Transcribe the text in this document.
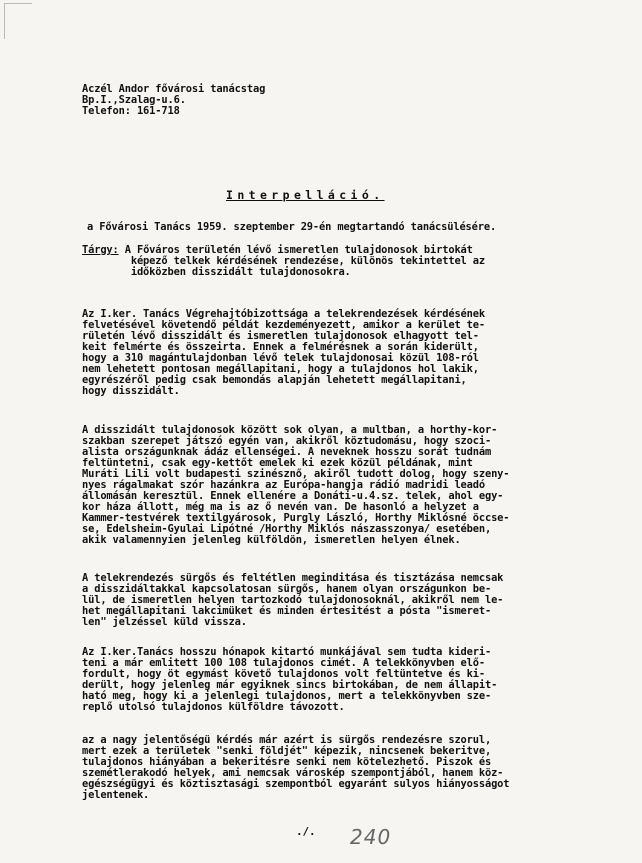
Aczél Andor fővárosi tanácstag
Bp.I.,Szalag-u.6.
Telefon: 161-718
Interpelláció.
a Fővárosi Tanács 1959. szeptember 29-én megtartandó tanácsülésére.
Tárgy: A Főváros területén lévő ismeretlen tulajdonosok birtokát
képező telkek kérdésének rendezése, különös tekintettel az
időközben disszidált tulajdonosokra.
Az I.ker. Tanács Végrehajtóbizottsága a telekrendezések kérdésének
felvetésével követendő példát kezdeményezett, amikor a kerület te-
rületén lévő disszidált és ismeretlen tulajdonosok elhagyott tel-
keit felmérte és összeirta. Ennek a felmérésnek a során kiderült,
hogy a 310 magántulajdonban lévő telek tulajdonosai közül 108-ról
nem lehetett pontosan megállapitani, hogy a tulajdonos hol lakik,
egyrészéről pedig csak bemondás alapján lehetett megállapitani,
hogy disszidált.
A disszidált tulajdonosok között sok olyan, a multban, a horthy-kor-
szakban szerepet játszó egyén van, akikről köztudomásu, hogy szoci-
alista országunknak ádáz ellenségei. A neveknek hosszu sorát tudnám
feltüntetni, csak egy-kettőt emelek ki ezek közül példának, mint
Muráti Lili volt budapesti szinésznő, akiről tudott dolog, hogy szeny-
nyes rágalmakat szór hazánkra az Európa-hangja rádió madridi leadó
állomásán keresztül. Ennek ellenére a Donáti-u.4.sz. telek, ahol egy-
kor háza állott, még ma is az ő nevén van. De hasonló a helyzet a
Kammer-testvérek textilgyárosok, Purgly László, Horthy Miklósné öccse-
se, Edelsheim-Gyulai Lipótné /Horthy Miklós nászasszonya/ esetében,
akik valamennyien jelenleg külföldön, ismeretlen helyen élnek.
A telekrendezés sürgős és feltétlen meginditása és tisztázása nemcsak
a disszidáltakkal kapcsolatosan sürgős, hanem olyan országunkon be-
lül, de ismeretlen helyen tartozkodó tulajdonosoknál, akikről nem le-
het megállapitani lakcimüket és minden értesitést a pósta "ismeret-
len" jelzéssel küld vissza.
Az I.ker.Tanács hosszu hónapok kitartó munkájával sem tudta kideri-
teni a már emlitett 100 108 tulajdonos cimét. A telekkönyvben elő-
fordult, hogy öt egymást követő tulajdonos volt feltüntetve és ki-
derült, hogy jelenleg már egyiknek sincs birtokában, de nem állapit-
ható meg, hogy ki a jelenlegi tulajdonos, mert a telekkönyvben sze-
replő utolsó tulajdonos külföldre távozott.
az a nagy jelentőségü kérdés már azért is sürgős rendezésre szorul,
mert ezek a területek "senki földjét" képezik, nincsenek bekeritve,
tulajdonos hiányában a bekeritésre senki nem kötelezhető. Piszok és
szemétlerakodó helyek, ami nemcsak városkép szempontjából, hanem köz-
egészségügyi és köztisztasági szempontból egyaránt sulyos hiányosságot
jelentenek.
./. 240
